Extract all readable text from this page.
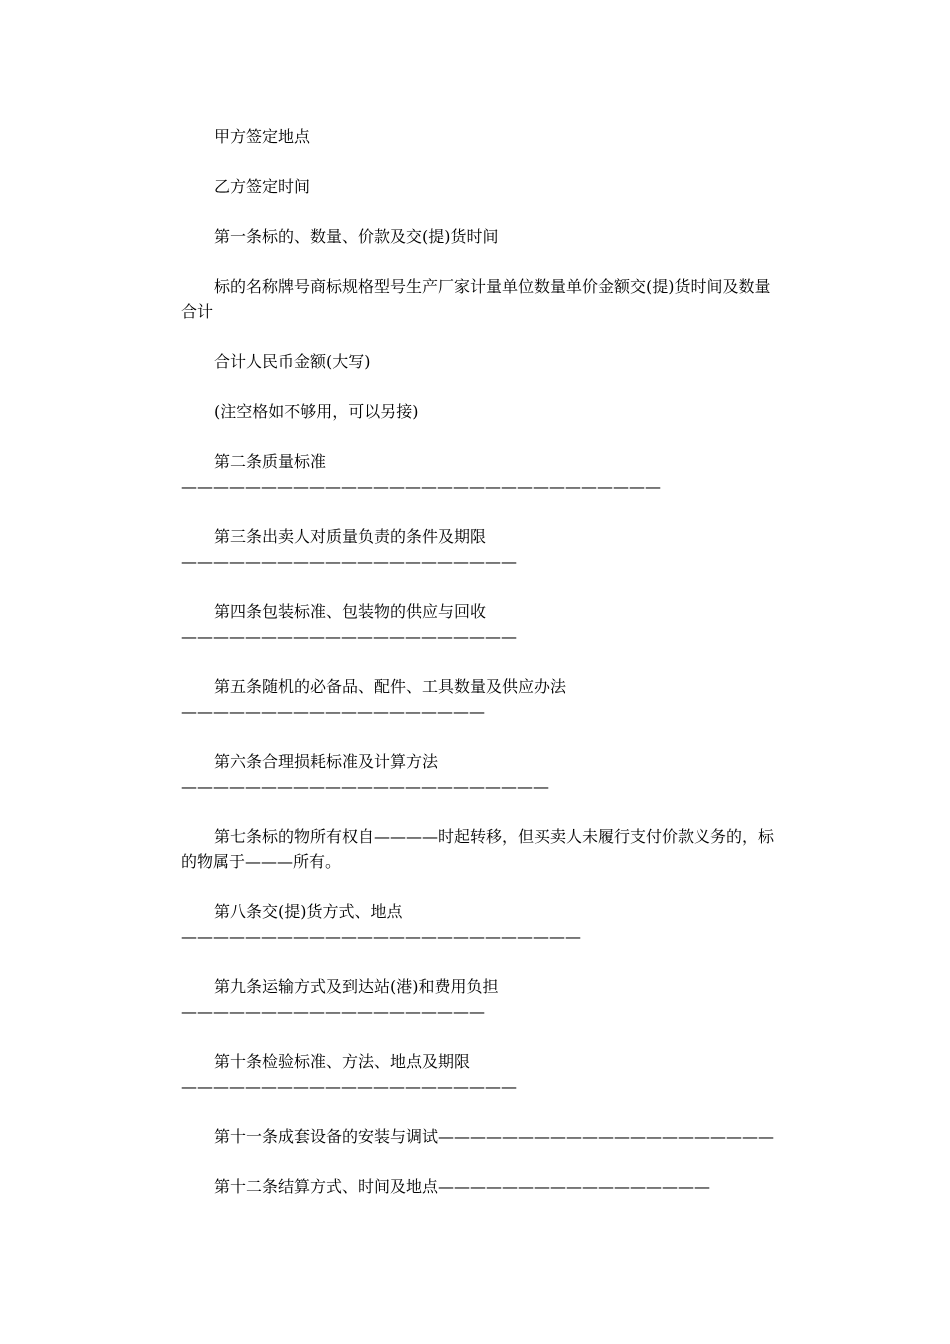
甲方签定地点

乙方签定时间

第一条标的、数量、价款及交(提)货时间

标的名称牌号商标规格型号生产厂家计量单位数量单价金额交(提)货时间及数量合计

合计人民币金额(大写)

(注空格如不够用，可以另接)

第二条质量标准——————————————————————————————

第三条出卖人对质量负责的条件及期限—————————————————————

第四条包装标准、包装物的供应与回收—————————————————————

第五条随机的必备品、配件、工具数量及供应办法———————————————————

第六条合理损耗标准及计算方法———————————————————————

第七条标的物所有权自————时起转移，但买卖人未履行支付价款义务的，标的物属于———所有。

第八条交(提)货方式、地点—————————————————————————

第九条运输方式及到达站(港)和费用负担———————————————————

第十条检验标准、方法、地点及期限—————————————————————

第十一条成套设备的安装与调试—————————————————————

第十二条结算方式、时间及地点—————————————————
